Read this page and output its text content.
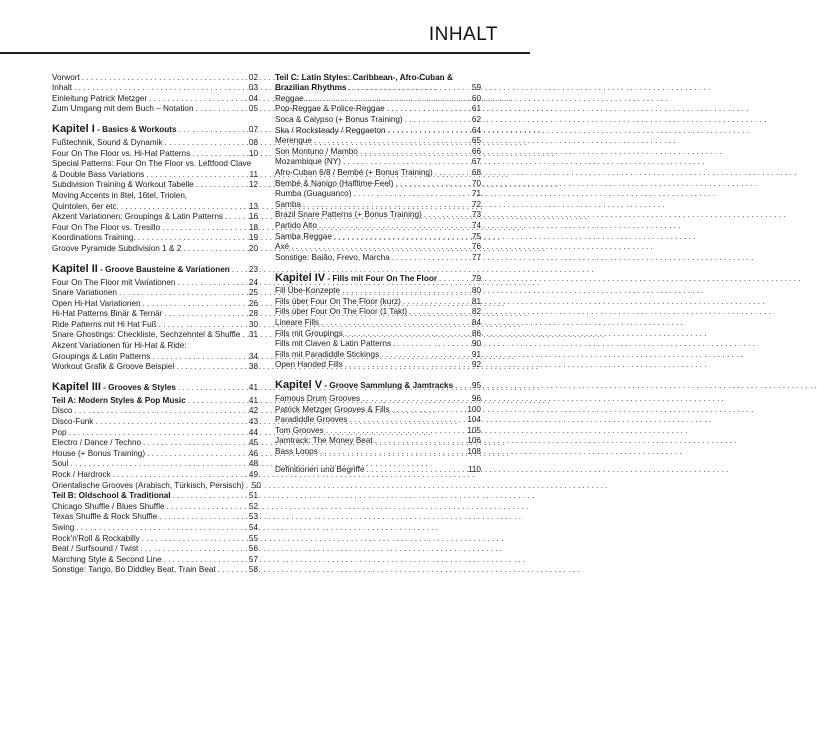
INHALT
Vorwort . . .	02
Inhalt . . .	03
Einleitung Patrick Metzger . . .	04
Zum Umgang mit dem Buch – Notation . . .	05
Kapitel I - Basics & Workouts . . .	07
Fußtechnik, Sound & Dynamik . . .	08
Four On The Floor vs. Hi-Hat Patterns . . .	10
Special Patterns: Four On The Floor vs. Leftfood Clave
& Double Bass Variations . . .	11
Subdivision Training & Workout Tabelle . . .	12
Moving Accents in 8tel, 16tel, Triolen,
Quintolen, 6er etc. . . .	13
Akzent Variationen: Groupings & Latin Patterns . . .	16
Four On The Floor vs. Tresillo . . .	18
Koordinations Training. . . .	19
Groove Pyramide Subdivision 1 & 2 . . .	20
Kapitel II - Groove Bausteine & Variationen . . . 23
Four On The Floor mit Variationen . . .	24
Snare Variationen . . .	25
Open Hi-Hat Variationen . . .	26
Hi-Hat Patterns Binär & Ternär . . .	28
Ride Patterns mit Hi Hat Fuß . . .	30
Snare Ghostings: Checkliste, Sechzehntel & Shuffle . . . 31
Akzent Variationen für Hi-Hat & Ride:
Groupings & Latin Patterns . . .	34
Workout Grafik & Groove Beispiel . . .	38
Kapitel III - Grooves & Styles . . .	41
Teil A: Modern Styles & Pop Music . . .	41
Disco . . .	42
Disco-Funk . . .	43
Pop . . .	44
Electro / Dance / Techno . . .	45
House (+ Bonus Training) . . .	46
Soul . . .	48
Rock / Hardrock . . .	49
Orientalische Grooves (Arabisch, Türkisch, Persisch) . . . 50
Teil B: Oldschool & Traditional . . .	51
Chicago Shuffle / Blues Shuffle . . .	52
Texas Shuffle & Rock Shuffle . . .	53
Swing . . .	54
Rock'n'Roll & Rockabilly . . .	55
Beat / Surfsound / Twist . . .	56
Marching Style & Second Line . . .	57
Sonstige: Tango, Bo Diddley Beat, Train Beat . . .	58
Teil C: Latin Styles: Caribbean-, Afro-Cuban &
Brazilian Rhythms . . .	59
Reggae . . .	60
Pop-Reggae & Police-Reggae . . .	61
Soca & Calypso (+ Bonus Training) . . .	62
Ska / Rocksteady / Reggaeton . . .	64
Merengue . . .	65
Son Montuno / Mambo . . .	66
Mozambique (NY) . . .	67
Afro-Cuban 6/8 / Bembé (+ Bonus Training) . . .	68
Bembé & Nanigo (Halftime-Feel) . . .	70
Rumba (Guaguanco) . . .	71
Samba . . .	72
Brazil Snare Patterns (+ Bonus Training) . . .	73
Partido Alto . . .	74
Samba Reggae . . .	75
Axé . . .	76
Sonstige: Baião, Frevo, Marcha . . .	77
Kapitel IV - Fills mit Four On The Floor . . .	79
Fill Übe-Konzepte . . .	80
Fills über Four On The Floor (kurz) . . .	81
Fills über Four On The Floor (1 Takt) . . .	82
Lineare Fills . . .	84
Fills mit Groupings . . .	86
Fills mit Claven & Latin Patterns . . .	90
Fills mit Paradiddle Stickings . . .	91
Open Handed Fills . . .	92
Kapitel V - Groove Sammlung & Jamtracks . . . 95
Famous Drum Grooves . . .	96
Patrick Metzger Grooves & Fills . . .	100
Paradiddle Grooves . . .	104
Tom Grooves . . .	105
Jamtrack: The Money Beat . . .	106
Bass Loops . . .	108
Definitionen und Begriffe . . .	110
